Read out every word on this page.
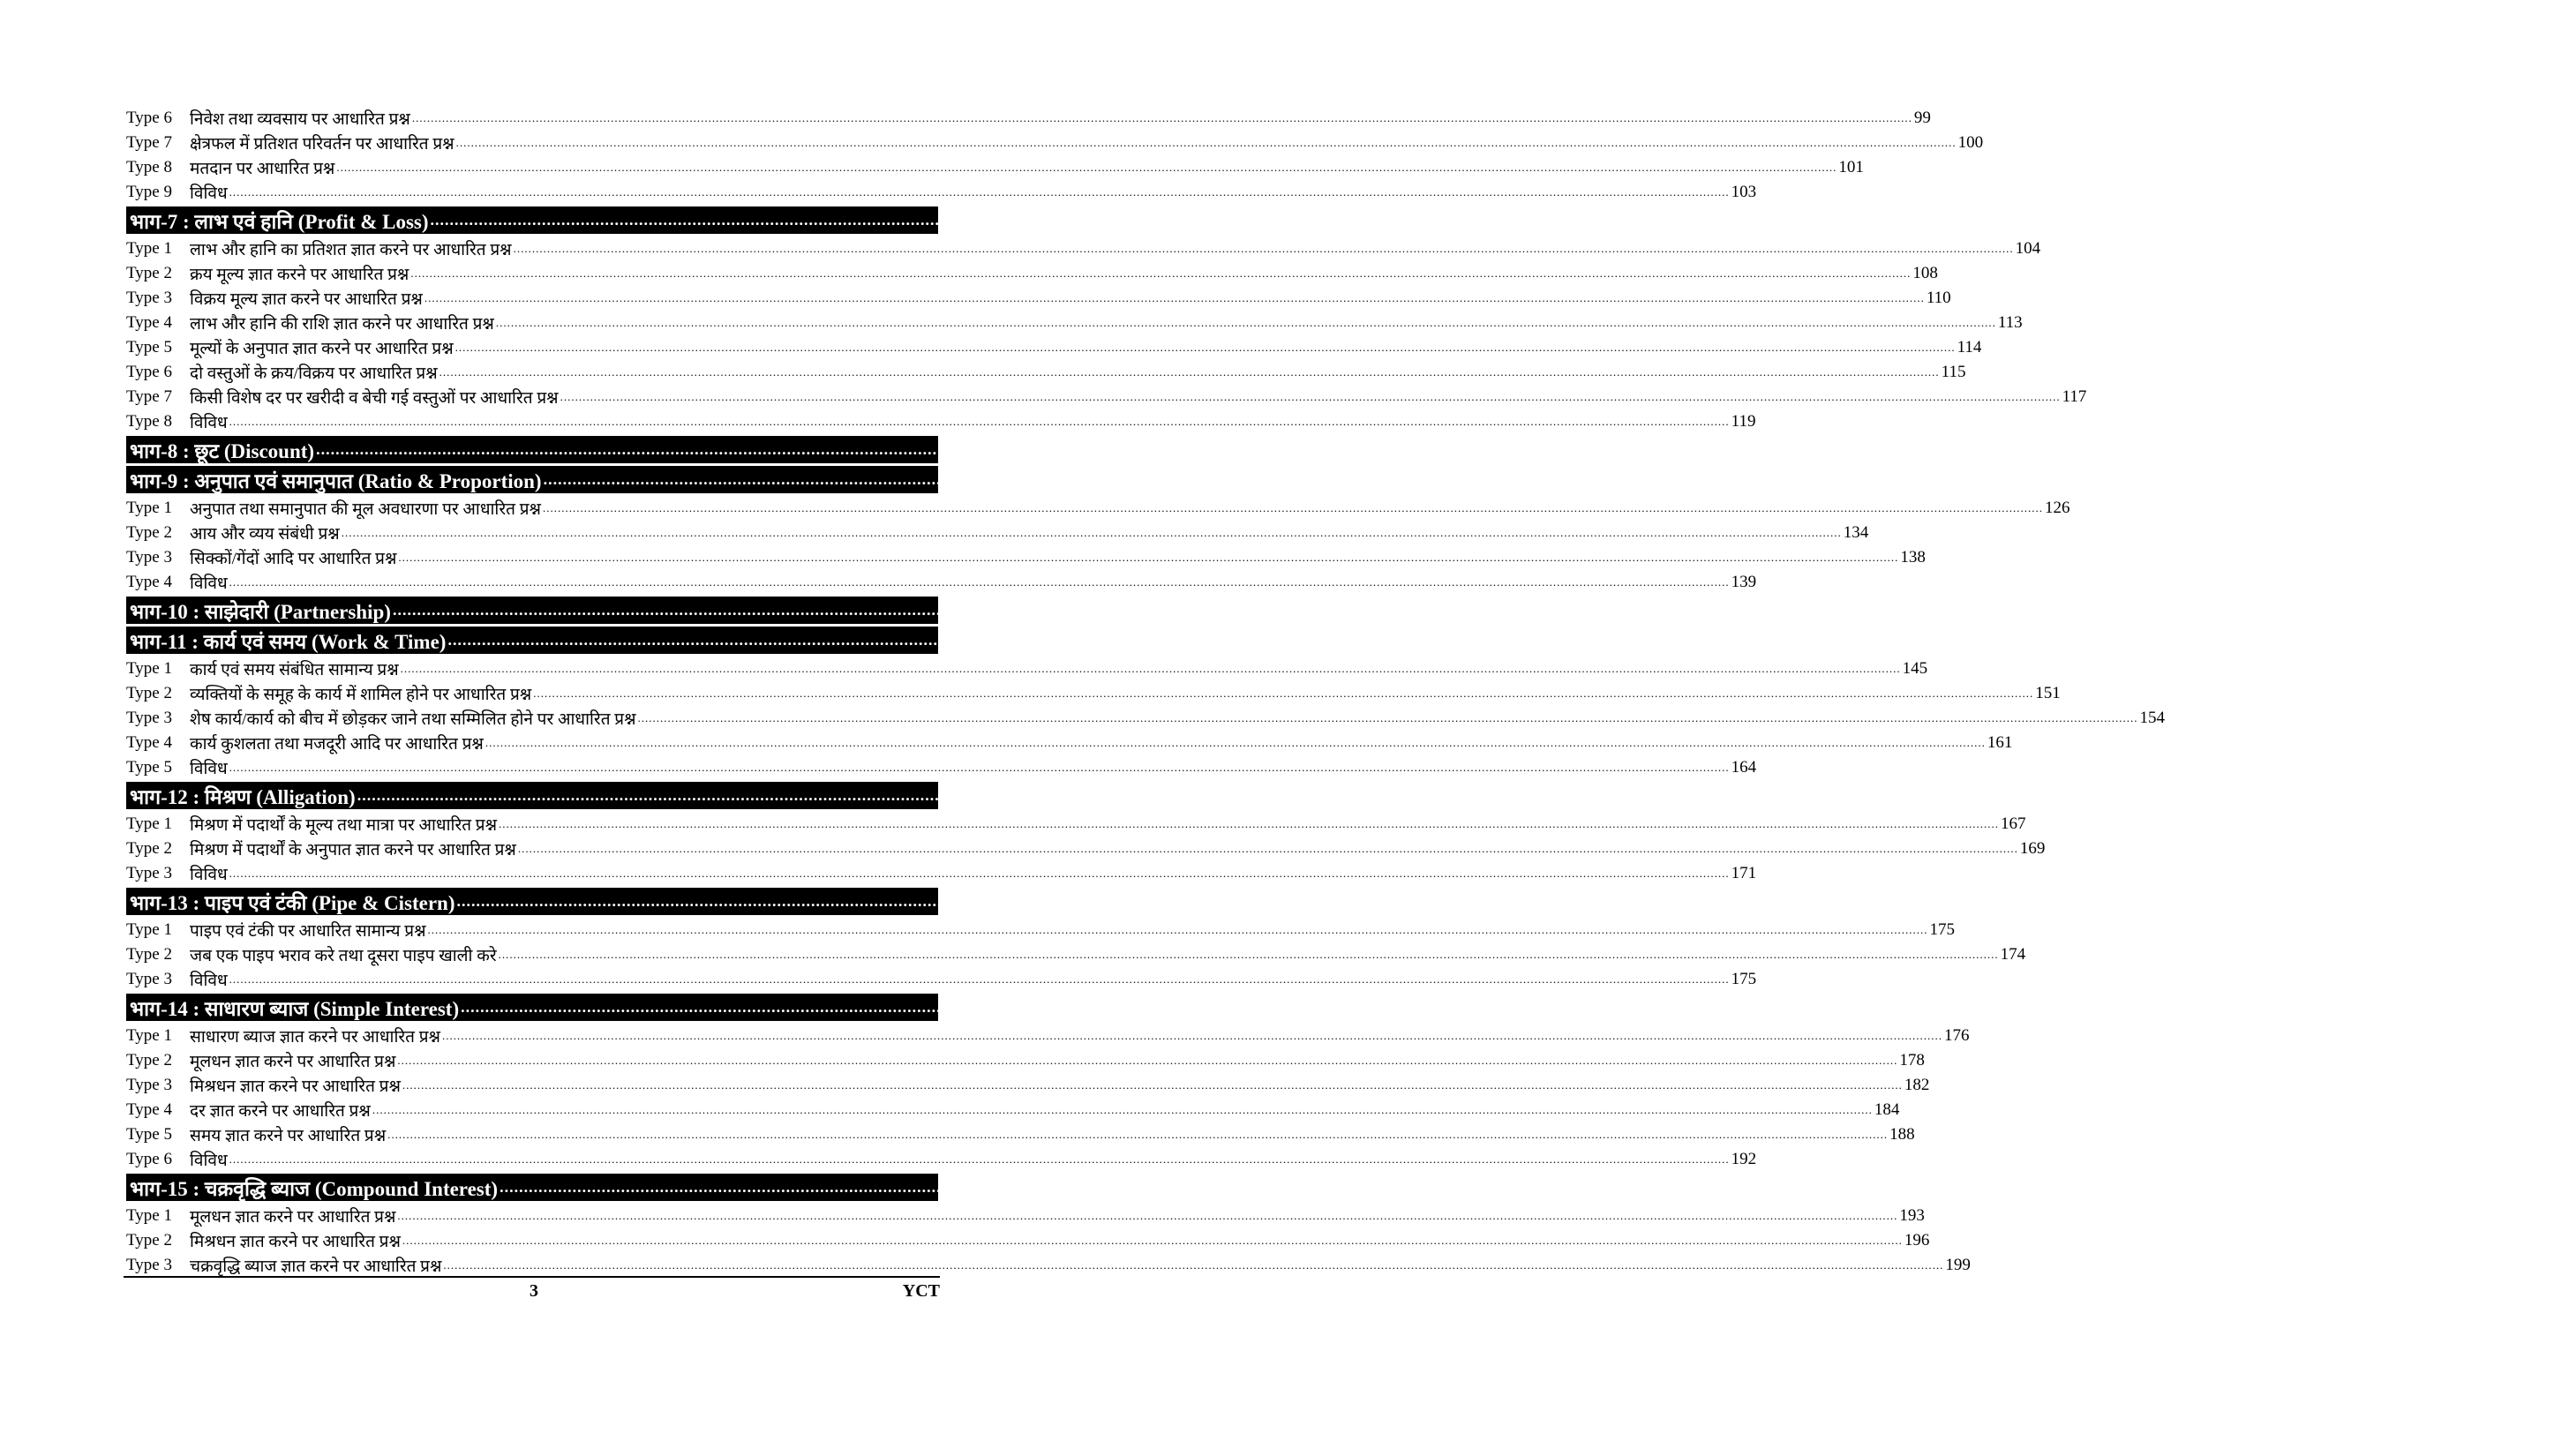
Type 6	निवेश तथा व्यवसाय पर आधारित प्रश्न ................................................................................................................................................................................................................................................................................................................................................................................................................ 99
Type 7	क्षेत्रफल में प्रतिशत परिवर्तन पर आधारित प्रश्न ................................................................................................................................................................................................................................................................................................................................................................................................................ 100
Type 8	मतदान पर आधारित प्रश्न ................................................................................................................................................................................................................................................................................................................................................................................................................ 101
Type 9	विविध ................................................................................................................................................................................................................................................................................................................................................................................................................ 103
भाग-7 : लाभ एवं हानि (Profit & Loss) ................................................................................................................................................................................................................................................................................................................................................................................................................ 104-120
Type 1	लाभ और हानि का प्रतिशत ज्ञात करने पर आधारित प्रश्न ................................................................................................................................................................................................................................................................................................................................................................................................................ 104
Type 2	क्रय मूल्य ज्ञात करने पर आधारित प्रश्न ................................................................................................................................................................................................................................................................................................................................................................................................................ 108
Type 3	विक्रय मूल्य ज्ञात करने पर आधारित प्रश्न ................................................................................................................................................................................................................................................................................................................................................................................................................ 110
Type 4	लाभ और हानि की राशि ज्ञात करने पर आधारित प्रश्न ................................................................................................................................................................................................................................................................................................................................................................................................................ 113
Type 5	मूल्यों के अनुपात ज्ञात करने पर आधारित प्रश्न ................................................................................................................................................................................................................................................................................................................................................................................................................ 114
Type 6	दो वस्तुओं के क्रय/विक्रय पर आधारित प्रश्न ................................................................................................................................................................................................................................................................................................................................................................................................................ 115
Type 7	किसी विशेष दर पर खरीदी व बेची गई वस्तुओं पर आधारित प्रश्न ................................................................................................................................................................................................................................................................................................................................................................................................................ 117
Type 8	विविध ................................................................................................................................................................................................................................................................................................................................................................................................................ 119
भाग-8 : छूट (Discount) ................................................................................................................................................................................................................................................................................................................................................................................................................ 121-125
भाग-9 : अनुपात एवं समानुपात (Ratio & Proportion) ................................................................................................................................................................................................................................................................................................................................................................................................................ 126-139
Type 1	अनुपात तथा समानुपात की मूल अवधारणा पर आधारित प्रश्न ................................................................................................................................................................................................................................................................................................................................................................................................................ 126
Type 2	आय और व्यय संबंधी प्रश्न ................................................................................................................................................................................................................................................................................................................................................................................................................ 134
Type 3	सिक्कों/गेंदों आदि पर आधारित प्रश्न ................................................................................................................................................................................................................................................................................................................................................................................................................ 138
Type 4	विविध ................................................................................................................................................................................................................................................................................................................................................................................................................ 139
भाग-10 : साझेदारी (Partnership) ................................................................................................................................................................................................................................................................................................................................................................................................................ 140-144
भाग-11 : कार्य एवं समय (Work & Time) ................................................................................................................................................................................................................................................................................................................................................................................................................ 145-166
Type 1	कार्य एवं समय संबंधित सामान्य प्रश्न ................................................................................................................................................................................................................................................................................................................................................................................................................ 145
Type 2	व्यक्तियों के समूह के कार्य में शामिल होने पर आधारित प्रश्न ................................................................................................................................................................................................................................................................................................................................................................................................................ 151
Type 3	शेष कार्य/कार्य को बीच में छोड़कर जाने तथा सम्मिलित होने पर आधारित प्रश्न ................................................................................................................................................................................................................................................................................................................................................................................................................ 154
Type 4	कार्य कुशलता तथा मजदूरी आदि पर आधारित प्रश्न ................................................................................................................................................................................................................................................................................................................................................................................................................ 161
Type 5	विविध ................................................................................................................................................................................................................................................................................................................................................................................................................ 164
भाग-12 : मिश्रण (Alligation) ................................................................................................................................................................................................................................................................................................................................................................................................................ 167-171
Type 1	मिश्रण में पदार्थों के मूल्य तथा मात्रा पर आधारित प्रश्न ................................................................................................................................................................................................................................................................................................................................................................................................................ 167
Type 2	मिश्रण में पदार्थों के अनुपात ज्ञात करने पर आधारित प्रश्न ................................................................................................................................................................................................................................................................................................................................................................................................................ 169
Type 3	विविध ................................................................................................................................................................................................................................................................................................................................................................................................................ 171
भाग-13 : पाइप एवं टंकी (Pipe & Cistern) ................................................................................................................................................................................................................................................................................................................................................................................................................ 172-175
Type 1	पाइप एवं टंकी पर आधारित सामान्य प्रश्न ................................................................................................................................................................................................................................................................................................................................................................................................................ 175
Type 2	जब एक पाइप भराव करे तथा दूसरा पाइप खाली करे ................................................................................................................................................................................................................................................................................................................................................................................................................ 174
Type 3	विविध ................................................................................................................................................................................................................................................................................................................................................................................................................ 175
भाग-14 : साधारण ब्याज (Simple Interest) ................................................................................................................................................................................................................................................................................................................................................................................................................ 176-192
Type 1	साधारण ब्याज ज्ञात करने पर आधारित प्रश्न ................................................................................................................................................................................................................................................................................................................................................................................................................ 176
Type 2	मूलधन ज्ञात करने पर आधारित प्रश्न ................................................................................................................................................................................................................................................................................................................................................................................................................ 178
Type 3	मिश्रधन ज्ञात करने पर आधारित प्रश्न ................................................................................................................................................................................................................................................................................................................................................................................................................ 182
Type 4	दर ज्ञात करने पर आधारित प्रश्न ................................................................................................................................................................................................................................................................................................................................................................................................................ 184
Type 5	समय ज्ञात करने पर आधारित प्रश्न ................................................................................................................................................................................................................................................................................................................................................................................................................ 188
Type 6	विविध ................................................................................................................................................................................................................................................................................................................................................................................................................ 192
भाग-15 : चक्रवृद्धि ब्याज (Compound Interest) ................................................................................................................................................................................................................................................................................................................................................................................................................ 193-216
Type 1	मूलधन ज्ञात करने पर आधारित प्रश्न ................................................................................................................................................................................................................................................................................................................................................................................................................ 193
Type 2	मिश्रधन ज्ञात करने पर आधारित प्रश्न ................................................................................................................................................................................................................................................................................................................................................................................................................ 196
Type 3	चक्रवृद्धि ब्याज ज्ञात करने पर आधारित प्रश्न ................................................................................................................................................................................................................................................................................................................................................................................................................ 199
3	YCT
